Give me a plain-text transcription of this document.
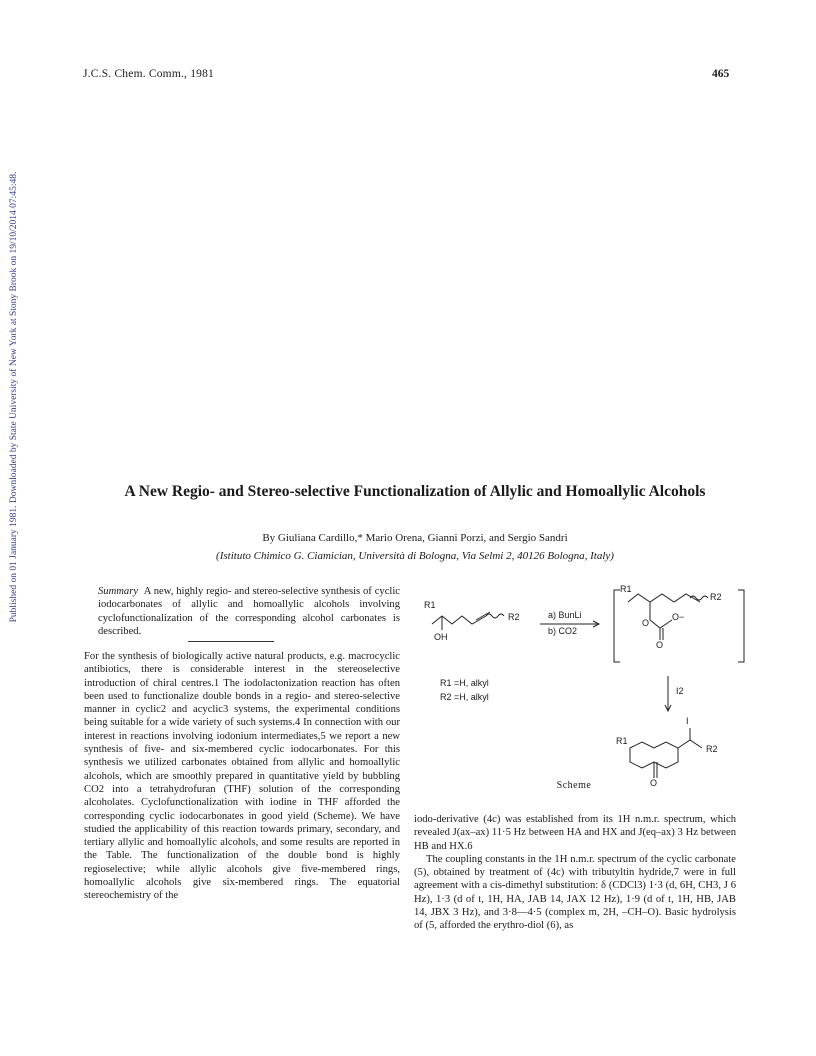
Published on 01 January 1981. Downloaded by State University of New York at Stony Brook on 19/10/2014 07:45:48.
J.C.S. Chem. Comm., 1981	465
A New Regio- and Stereo-selective Functionalization of Allylic and Homoallylic Alcohols
By Giuliana Cardillo,* Mario Orena, Gianni Porzi, and Sergio Sandri
(Istituto Chimico G. Ciamician, Università di Bologna, Via Selmi 2, 40126 Bologna, Italy)

Summary A new, highly regio- and stereo-selective synthesis of cyclic iodocarbonates of allylic and homoallylic alcohols involving cyclofunctionalization of the corresponding alcohol carbonates is described.

For the synthesis of biologically active natural products, e.g. macrocyclic antibiotics, there is considerable interest in the stereoselective introduction of chiral centres.1 The iodolactonization reaction has often been used to functionalize double bonds in a regio- and stereo-selective manner in cyclic2 and acyclic3 systems, the experimental conditions being suitable for a wide variety of such systems.4 In connection with our interest in reactions involving iodonium intermediates,5 we report a new synthesis of five- and six-membered cyclic iodocarbonates. For this synthesis we utilized carbonates obtained from allylic and homoallylic alcohols, which are smoothly prepared in quantitative yield by bubbling CO2 into a tetrahydrofuran (THF) solution of the corresponding alcoholates. Cyclofunctionalization with iodine in THF afforded the corresponding cyclic iodocarbonates in good yield (Scheme). We have studied the applicability of this reaction towards primary, secondary, and tertiary allylic and homoallylic alcohols, and some results are reported in the Table. The functionalization of the double bond is highly regioselective; while allylic alcohols give five-membered rings, homoallylic alcohols give six-membered rings. The equatorial stereochemistry of the

R1
R2
OH
a) BunLi
b) CO2
R1 =H, alkyl
R2 =H, alkyl
R1
R2
O
O−
O
I2
I
R1
R2
O
Scheme

iodo-derivative (4c) was established from its 1H n.m.r. spectrum, which revealed J(ax–ax) 11·5 Hz between HA and HX and J(eq–ax) 3 Hz between HB and HX.6

The coupling constants in the 1H n.m.r. spectrum of the cyclic carbonate (5), obtained by treatment of (4c) with tributyltin hydride,7 were in full agreement with a cis-dimethyl substitution: δ (CDCl3) 1·3 (d, 6H, CH3, J 6 Hz), 1·3 (d of t, 1H, HA, JAB 14, JAX 12 Hz), 1·9 (d of t, 1H, HB, JAB 14, JBX 3 Hz), and 3·8—4·5 (complex m, 2H, –CH–O). Basic hydrolysis of (5, afforded the erythro-diol (6), as
